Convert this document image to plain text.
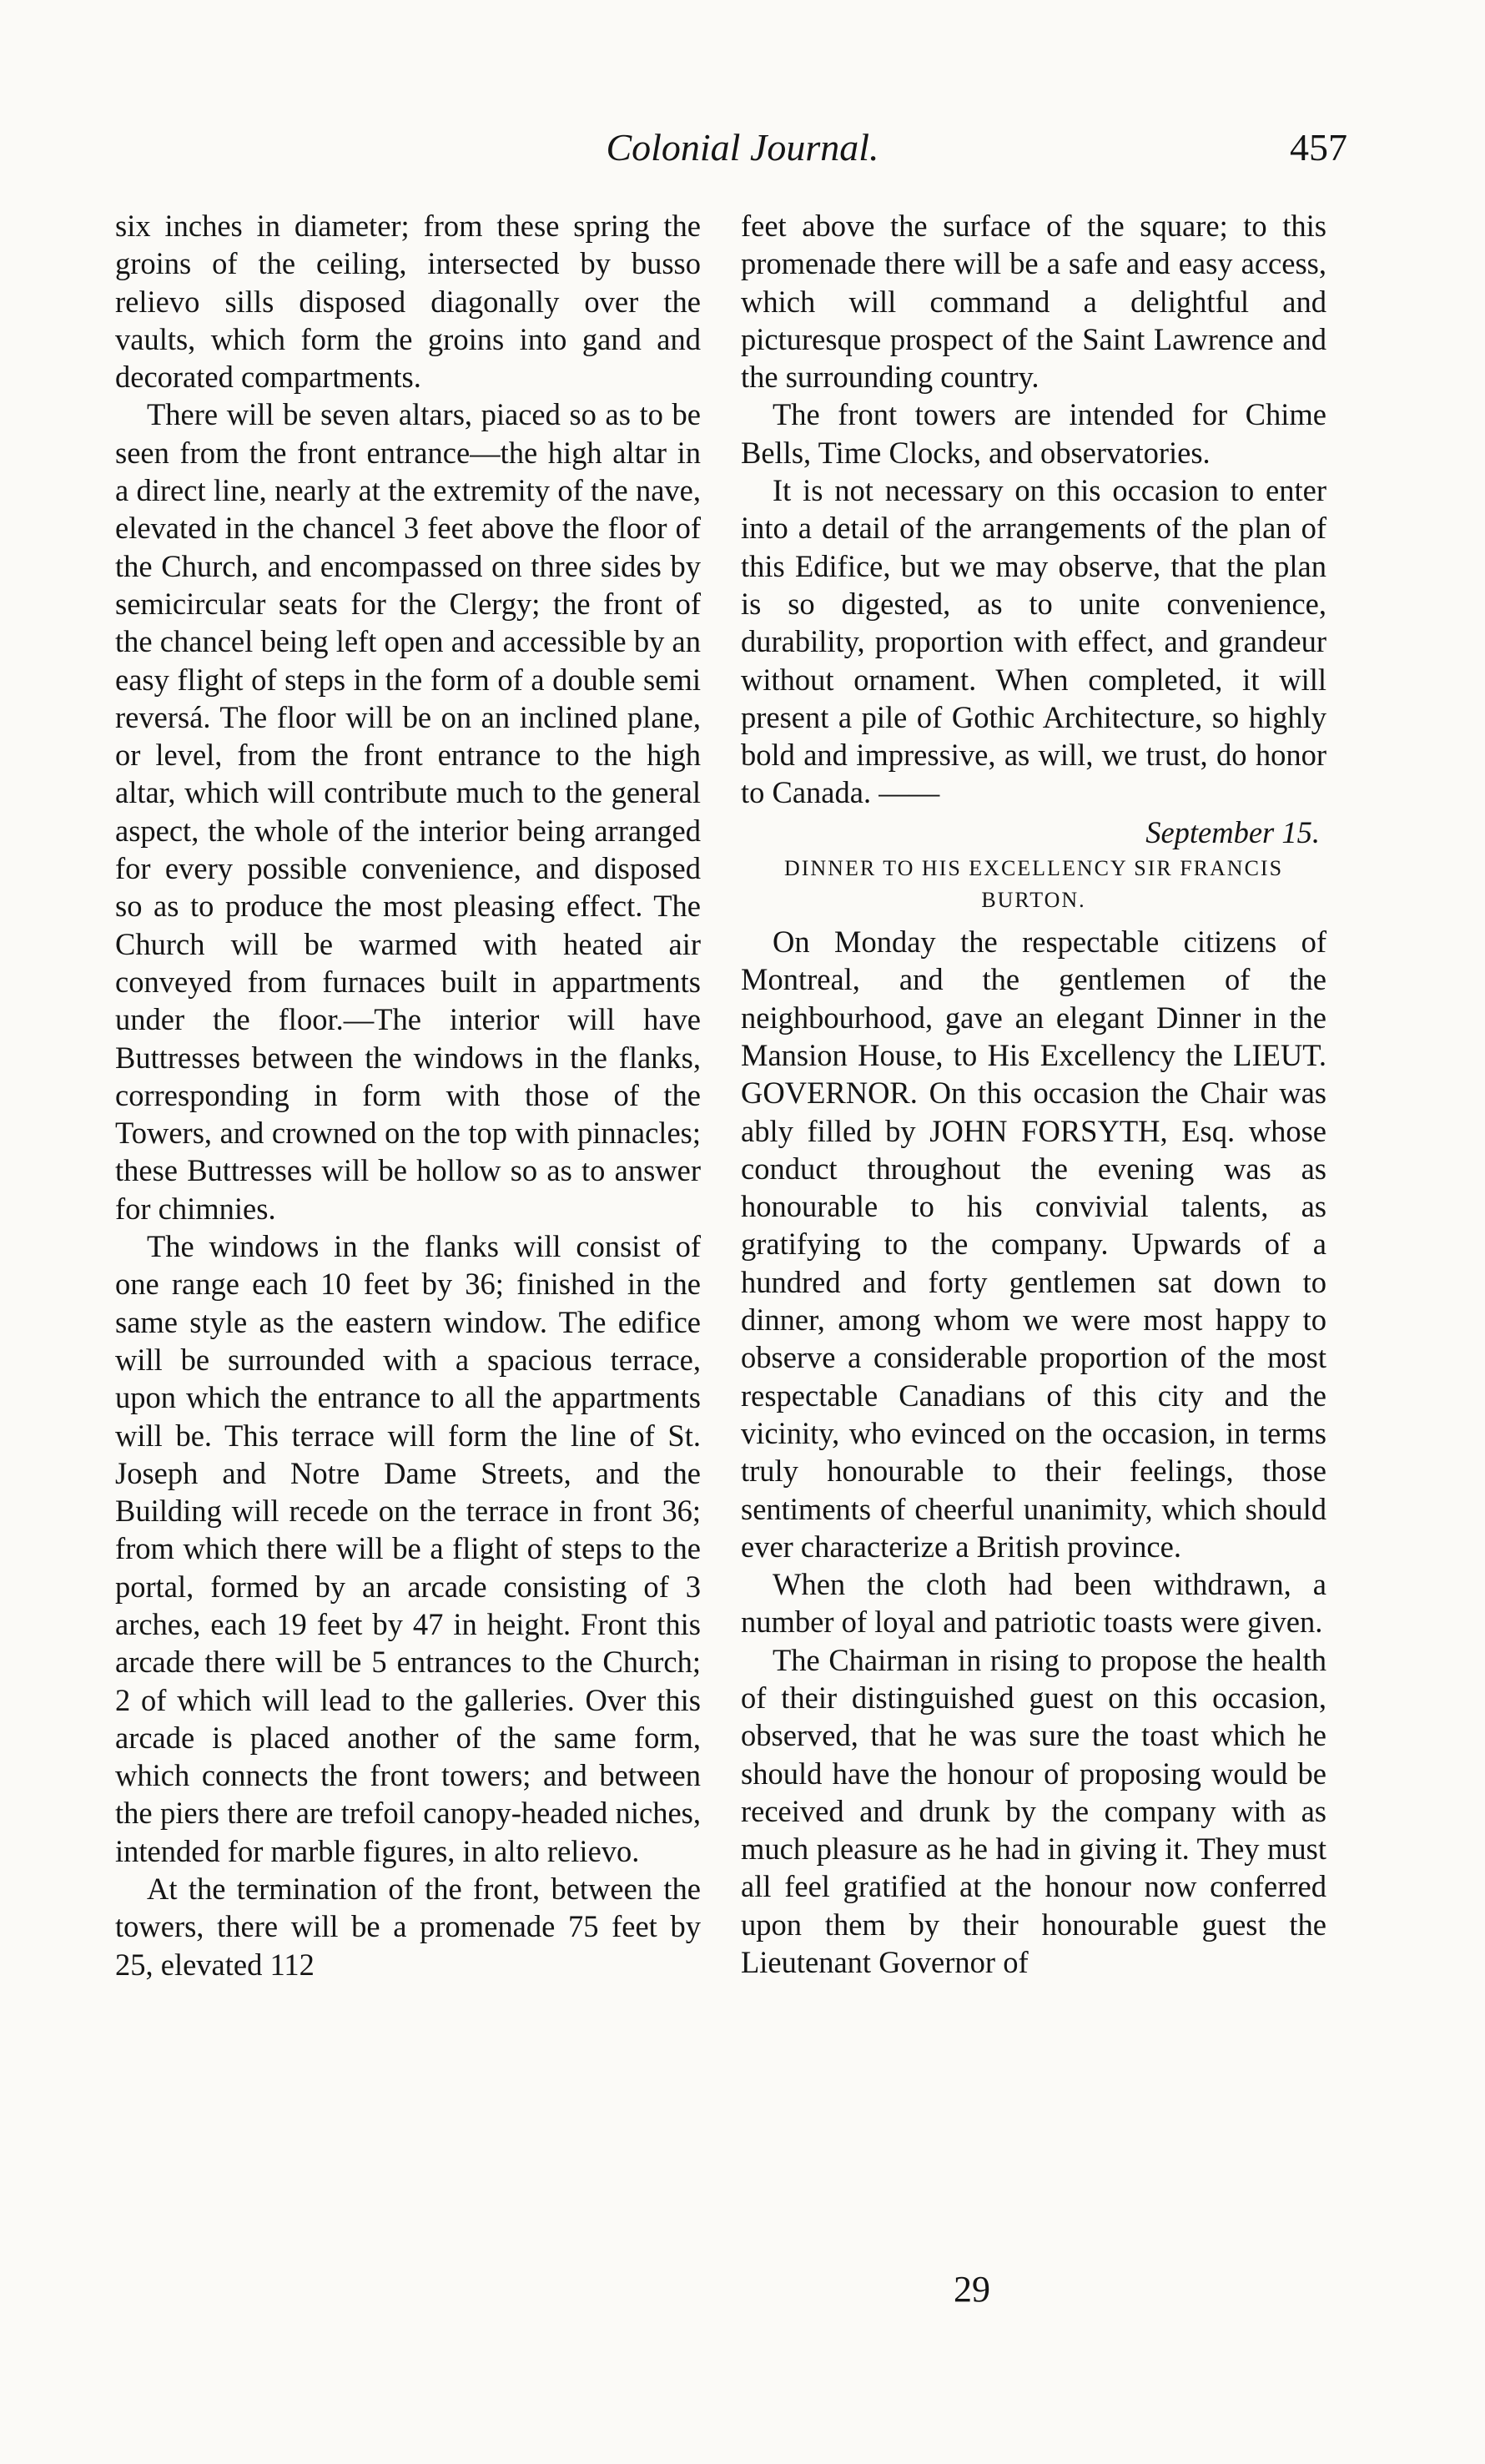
Colonial Journal.	457

six inches in diameter; from these spring the groins of the ceiling, intersected by busso relievo sills disposed diagonally over the vaults, which form the groins into gand and decorated compartments.

There will be seven altars, piaced so as to be seen from the front entrance—the high altar in a direct line, nearly at the extremity of the nave, elevated in the chancel 3 feet above the floor of the Church, and encompassed on three sides by semicircular seats for the Clergy; the front of the chancel being left open and accessible by an easy flight of steps in the form of a double semi reversá. The floor will be on an inclined plane, or level, from the front entrance to the high altar, which will contribute much to the general aspect, the whole of the interior being arranged for every possible convenience, and disposed so as to produce the most pleasing effect. The Church will be warmed with heated air conveyed from furnaces built in appartments under the floor.—The interior will have Buttresses between the windows in the flanks, corresponding in form with those of the Towers, and crowned on the top with pinnacles; these Buttresses will be hollow so as to answer for chimnies.

The windows in the flanks will consist of one range each 10 feet by 36; finished in the same style as the eastern window. The edifice will be surrounded with a spacious terrace, upon which the entrance to all the appartments will be. This terrace will form the line of St. Joseph and Notre Dame Streets, and the Building will recede on the terrace in front 36; from which there will be a flight of steps to the portal, formed by an arcade consisting of 3 arches, each 19 feet by 47 in height. Front this arcade there will be 5 entrances to the Church; 2 of which will lead to the galleries. Over this arcade is placed another of the same form, which connects the front towers; and between the piers there are trefoil canopy-headed niches, intended for marble figures, in alto relievo.

At the termination of the front, between the towers, there will be a promenade 75 feet by 25, elevated 112

feet above the surface of the square; to this promenade there will be a safe and easy access, which will command a delightful and picturesque prospect of the Saint Lawrence and the surrounding country.

The front towers are intended for Chime Bells, Time Clocks, and observatories.

It is not necessary on this occasion to enter into a detail of the arrangements of the plan of this Edifice, but we may observe, that the plan is so digested, as to unite convenience, durability, proportion with effect, and grandeur without ornament. When completed, it will present a pile of Gothic Architecture, so highly bold and impressive, as will, we trust, do honor to Canada. ——

September 15.
DINNER TO HIS EXCELLENCY SIR FRANCIS BURTON.

On Monday the respectable citizens of Montreal, and the gentlemen of the neighbourhood, gave an elegant Dinner in the Mansion House, to His Excellency the LIEUT. GOVERNOR. On this occasion the Chair was ably filled by JOHN FORSYTH, Esq. whose conduct throughout the evening was as honourable to his convivial talents, as gratifying to the company. Upwards of a hundred and forty gentlemen sat down to dinner, among whom we were most happy to observe a considerable proportion of the most respectable Canadians of this city and the vicinity, who evinced on the occasion, in terms truly honourable to their feelings, those sentiments of cheerful unanimity, which should ever characterize a British province.

When the cloth had been withdrawn, a number of loyal and patriotic toasts were given.

The Chairman in rising to propose the health of their distinguished guest on this occasion, observed, that he was sure the toast which he should have the honour of proposing would be received and drunk by the company with as much pleasure as he had in giving it. They must all feel gratified at the honour now conferred upon them by their honourable guest the Lieutenant Governor of

29
